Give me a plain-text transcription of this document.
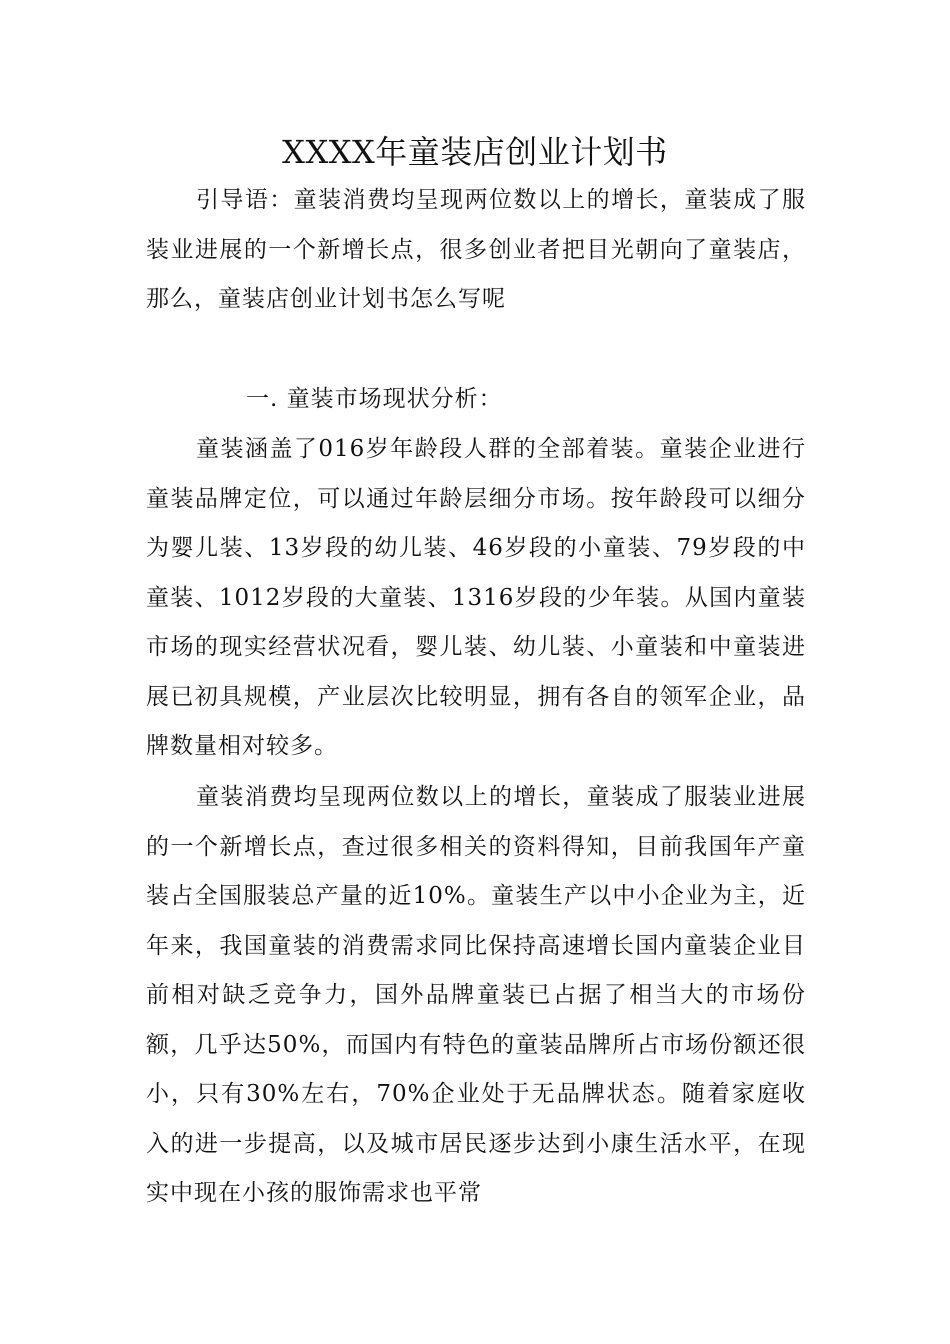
XXXX年童装店创业计划书

引导语：童装消费均呈现两位数以上的增长，童装成了服装业进展的一个新增长点，很多创业者把目光朝向了童装店，那么，童装店创业计划书怎么写呢

一. 童装市场现状分析：

童装涵盖了016岁年龄段人群的全部着装。童装企业进行童装品牌定位，可以通过年龄层细分市场。按年龄段可以细分为婴儿装、13岁段的幼儿装、46岁段的小童装、79岁段的中童装、1012岁段的大童装、1316岁段的少年装。从国内童装市场的现实经营状况看，婴儿装、幼儿装、小童装和中童装进展已初具规模，产业层次比较明显，拥有各自的领军企业，品牌数量相对较多。

童装消费均呈现两位数以上的增长，童装成了服装业进展的一个新增长点，查过很多相关的资料得知，目前我国年产童装占全国服装总产量的近10%。童装生产以中小企业为主，近年来，我国童装的消费需求同比保持高速增长国内童装企业目前相对缺乏竞争力，国外品牌童装已占据了相当大的市场份额，几乎达50%，而国内有特色的童装品牌所占市场份额还很小，只有30%左右，70%企业处于无品牌状态。随着家庭收入的进一步提高，以及城市居民逐步达到小康生活水平，在现实中现在小孩的服饰需求也平常
